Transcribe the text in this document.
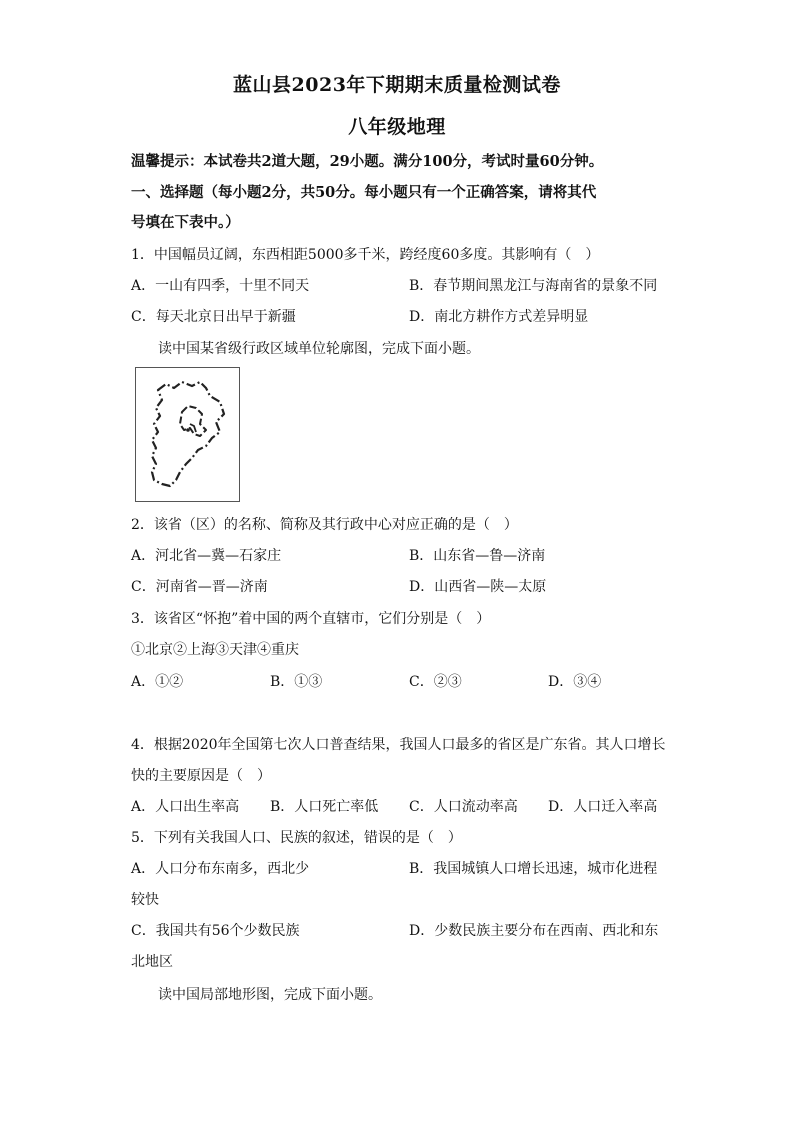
蓝山县2023年下期期末质量检测试卷
八年级地理
温馨提示：本试卷共2道大题，29小题。满分100分，考试时量60分钟。
一、选择题（每小题2分，共50分。每小题只有一个正确答案，请将其代
号填在下表中。）
1．中国幅员辽阔，东西相距5000多千米，跨经度60多度。其影响有（　）
A．一山有四季，十里不同天	B．春节期间黑龙江与海南省的景象不同
C．每天北京日出早于新疆	D．南北方耕作方式差异明显
读中国某省级行政区域单位轮廓图，完成下面小题。
2．该省（区）的名称、简称及其行政中心对应正确的是（　）
A．河北省—冀—石家庄	B．山东省—鲁—济南
C．河南省—晋—济南	D．山西省—陕—太原
3．该省区“怀抱”着中国的两个直辖市，它们分别是（　）
①北京②上海③天津④重庆
A．①②	B．①③	C．②③	D．③④
4．根据2020年全国第七次人口普查结果，我国人口最多的省区是广东省。其人口增长
快的主要原因是（　）
A．人口出生率高 B．人口死亡率低 C．人口流动率高 D．人口迁入率高
5．下列有关我国人口、民族的叙述，错误的是（　）
A．人口分布东南多，西北少	B．我国城镇人口增长迅速，城市化进程
较快
C．我国共有56个少数民族	D．少数民族主要分布在西南、西北和东
北地区
读中国局部地形图，完成下面小题。
